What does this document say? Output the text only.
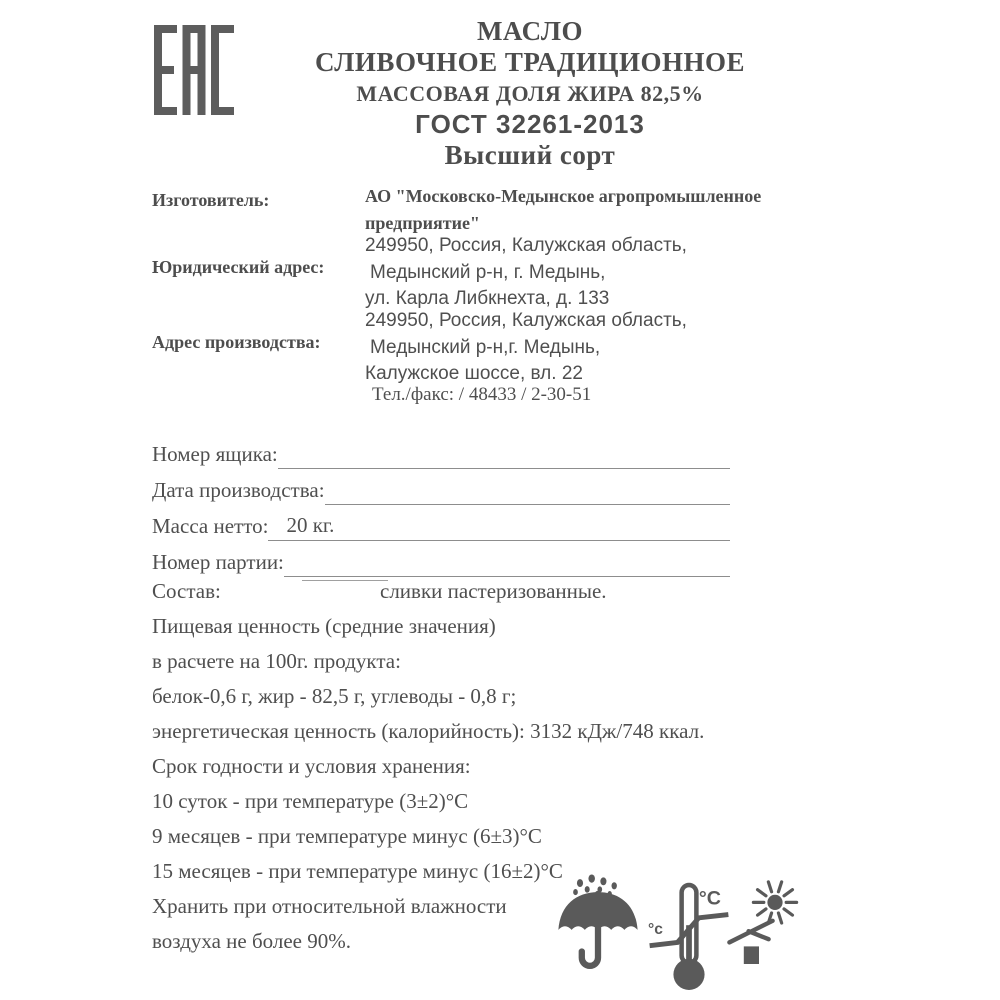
МАСЛО
СЛИВОЧНОЕ ТРАДИЦИОННОЕ
МАССОВАЯ ДОЛЯ ЖИРА 82,5%
ГОСТ 32261-2013
Высший сорт
Изготовитель:	АО "Московско-Медынское агропромышленное
предприятие"
Юридический адрес:
249950, Россия, Калужская область,
Медынский р-н, г. Медынь,
ул. Карла Либкнехта, д. 133
Адрес производства:
249950, Россия, Калужская область,
Медынский р-н,г. Медынь,
Калужское шоссе, вл. 22
Тел./факс: / 48433 / 2-30-51
Номер ящика:
Дата производства:
Масса нетто: 20 кг.
Номер партии:
Состав:	сливки пастеризованные.
Пищевая ценность (средние значения)
в расчете на 100г. продукта:
белок-0,6 г, жир - 82,5 г, углеводы - 0,8 г;
энергетическая ценность (калорийность): 3132 кДж/748 ккал.
Срок годности и условия хранения:
10 суток - при температуре (3±2)°С
9 месяцев - при температуре минус (6±3)°С
15 месяцев - при температуре минус (16±2)°С
Хранить при относительной влажности
воздуха не более 90%.
°C
°c
